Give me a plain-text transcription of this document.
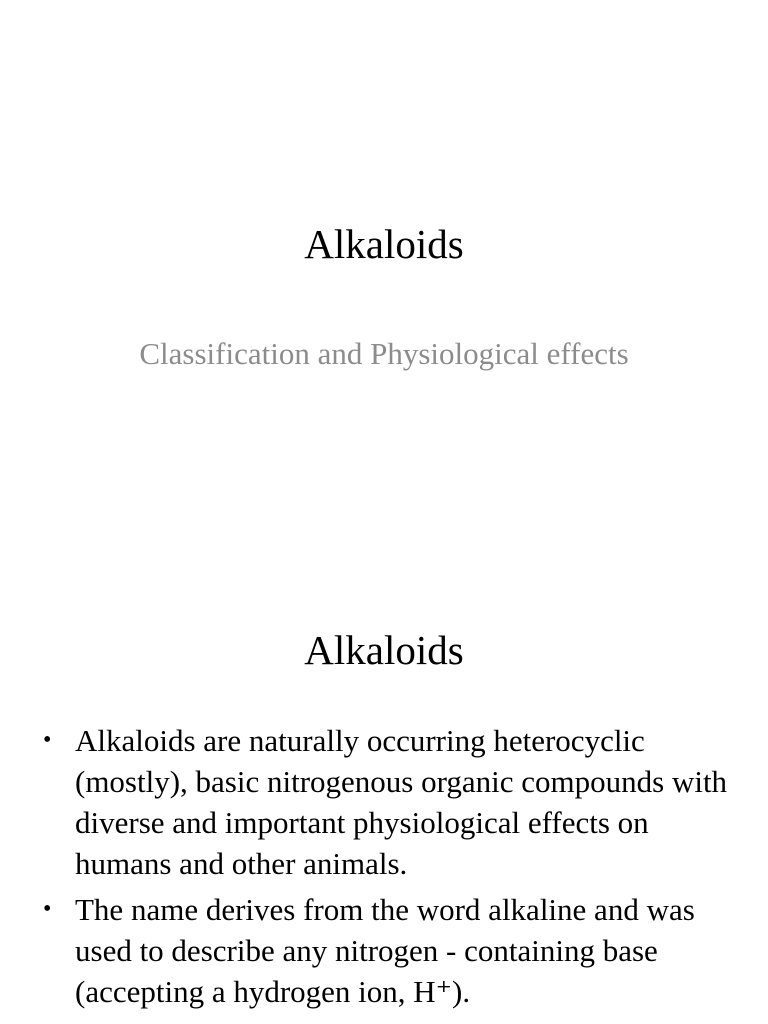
Alkaloids

Classification and Physiological effects

Alkaloids
• Alkaloids are naturally occurring heterocyclic (mostly), basic nitrogenous organic compounds with diverse and important physiological effects on humans and other animals.
• The name derives from the word alkaline and was used to describe any nitrogen - containing base (accepting a hydrogen ion, H⁺).
